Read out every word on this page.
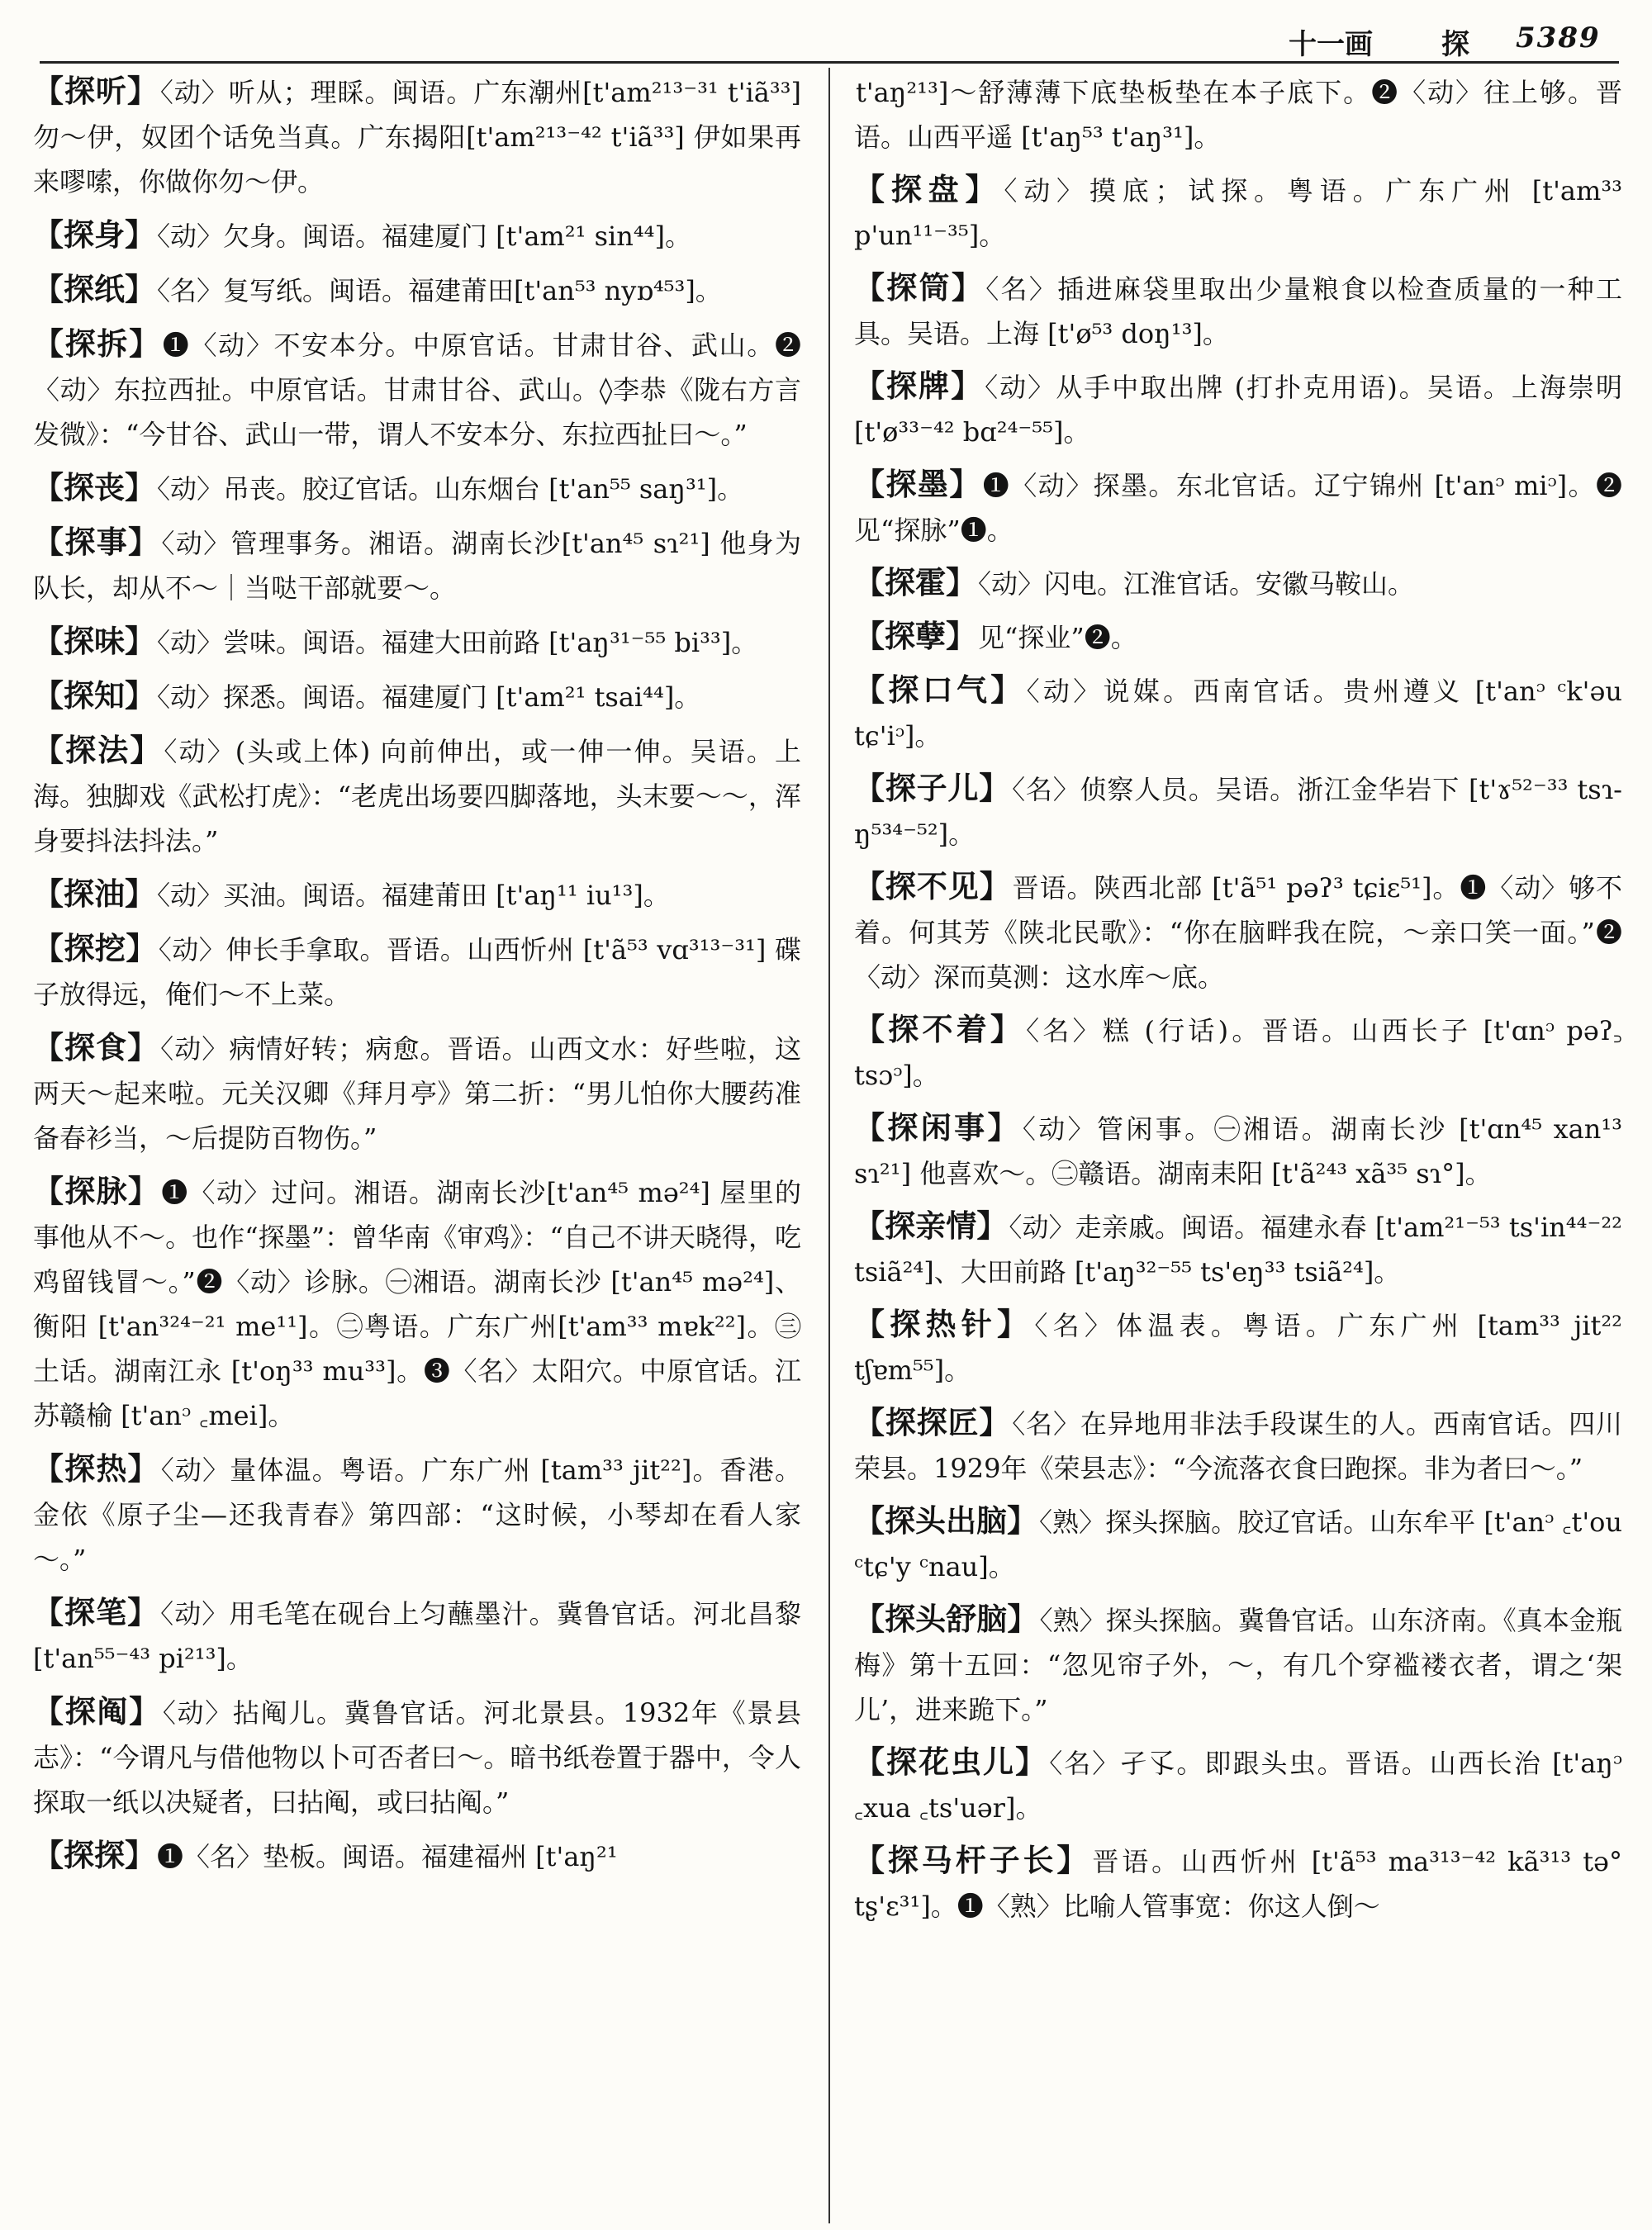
十一画 探 5389
【探听】〈动〉听从；理睬。闽语。广东潮州[t'am²¹³⁻³¹ t'iã³³]勿～伊，奴团个话免当真。广东揭阳[t'am²¹³⁻⁴² t'iã³³] 伊如果再来嘐嗦，你做你勿～伊。
【探身】〈动〉欠身。闽语。福建厦门 [t'am²¹ sin⁴⁴]。
【探纸】〈名〉复写纸。闽语。福建莆田[t'an⁵³ nyɒ⁴⁵³]。
【探拆】❶〈动〉不安本分。中原官话。甘肃甘谷、武山。❷ 〈动〉东拉西扯。中原官话。甘肃甘谷、武山。◊李恭《陇右方言发微》：“今甘谷、武山一带，谓人不安本分、东拉西扯曰～。”
【探丧】〈动〉吊丧。胶辽官话。山东烟台 [t'an⁵⁵ saŋ³¹]。
【探事】〈动〉管理事务。湘语。湖南长沙[t'an⁴⁵ sɿ²¹] 他身为队长，却从不～｜当哒干部就要～。
【探味】〈动〉尝味。闽语。福建大田前路 [t'aŋ³¹⁻⁵⁵ bi³³]。
【探知】〈动〉探悉。闽语。福建厦门 [t'am²¹ tsai⁴⁴]。
【探法】〈动〉(头或上体) 向前伸出，或一伸一伸。吴语。上海。独脚戏《武松打虎》：“老虎出场要四脚落地，头末要～～，浑身要抖法抖法。”
【探油】〈动〉买油。闽语。福建莆田 [t'aŋ¹¹ iu¹³]。
【探挖】〈动〉伸长手拿取。晋语。山西忻州 [t'ã⁵³ vɑ³¹³⁻³¹] 碟子放得远，俺们～不上菜。
【探食】〈动〉病情好转；病愈。晋语。山西文水：好些啦，这两天～起来啦。元关汉卿《拜月亭》第二折：“男儿怕你大腰药准备春衫当，～后提防百物伤。”
【探脉】❶〈动〉过问。湘语。湖南长沙[t'an⁴⁵ mə²⁴] 屋里的事他从不～。也作“探墨”：曾华南《审鸡》：“自己不讲天晓得，吃鸡留钱冒～。”❷〈动〉诊脉。㊀湘语。湖南长沙 [t'an⁴⁵ mə²⁴]、衡阳 [t'an³²⁴⁻²¹ me¹¹]。㊁粤语。广东广州[t'am³³ mɐk²²]。㊂土话。湖南江永 [t'oŋ³³ mu³³]。❸〈名〉太阳穴。中原官话。江苏赣榆 [t'anᵓ ꜀mei]。
【探热】〈动〉量体温。粤语。广东广州 [tam³³ jit²²]。香港。金依《原子尘—还我青春》第四部：“这时候，小琴却在看人家～。”
【探笔】〈动〉用毛笔在砚台上匀蘸墨汁。冀鲁官话。河北昌黎 [t'an⁵⁵⁻⁴³ pi²¹³]。
【探阄】〈动〉拈阄儿。冀鲁官话。河北景县。1932年《景县志》：“今谓凡与借他物以卜可否者曰～。暗书纸卷置于器中，令人探取一纸以决疑者，曰拈阄，或曰拈阄。”
【探探】❶〈名〉垫板。闽语。福建福州 [t'aŋ²¹
t'aŋ²¹³]～舒薄薄下底垫板垫在本子底下。❷〈动〉往上够。晋语。山西平遥 [t'aŋ⁵³ t'aŋ³¹]。
【探盘】〈动〉摸底；试探。粤语。广东广州 [t'am³³ p'un¹¹⁻³⁵]。
【探筒】〈名〉插进麻袋里取出少量粮食以检查质量的一种工具。吴语。上海 [t'ø⁵³ doŋ¹³]。
【探牌】〈动〉从手中取出牌 (打扑克用语)。吴语。上海崇明 [t'ø³³⁻⁴² bɑ²⁴⁻⁵⁵]。
【探墨】❶〈动〉探墨。东北官话。辽宁锦州 [t'anᵓ miᵓ]。❷见“探脉”❶。
【探霍】〈动〉闪电。江淮官话。安徽马鞍山。
【探孽】见“探业”❷。
【探口气】〈动〉说媒。西南官话。贵州遵义 [t'anᵓ ᶜk'əu tɕ'iᵓ]。
【探子儿】〈名〉侦察人员。吴语。浙江金华岩下 [t'ɤ⁵²⁻³³ tsɿ-ŋ⁵³⁴⁻⁵²]。
【探不见】晋语。陕西北部 [t'ã⁵¹ pəʔ³ tɕiɛ⁵¹]。❶〈动〉够不着。何其芳《陕北民歌》：“你在脑畔我在院，～亲口笑一面。”❷〈动〉深而莫测：这水库～底。
【探不着】〈名〉糕 (行话)。晋语。山西长子 [t'ɑnᵓ pəʔ꜆ tsɔᵓ]。
【探闲事】〈动〉管闲事。㊀湘语。湖南长沙 [t'ɑn⁴⁵ xan¹³ sɿ²¹] 他喜欢～。㊁赣语。湖南耒阳 [t'ã²⁴³ xã³⁵ sɿ°]。
【探亲情】〈动〉走亲戚。闽语。福建永春 [t'am²¹⁻⁵³ ts'in⁴⁴⁻²² tsiã²⁴]、大田前路 [t'aŋ³²⁻⁵⁵ ts'eŋ³³ tsiã²⁴]。
【探热针】〈名〉体温表。粤语。广东广州 [tam³³ jit²² tʃɐm⁵⁵]。
【探探匠】〈名〉在异地用非法手段谋生的人。西南官话。四川荣县。1929年《荣县志》：“今流落衣食曰跑探。非为者曰～。”
【探头出脑】〈熟〉探头探脑。胶辽官话。山东牟平 [t'anᵓ ꜀t'ou ᶜtɕ'y ᶜnau]。
【探头舒脑】〈熟〉探头探脑。冀鲁官话。山东济南。《真本金瓶梅》第十五回：“忽见帘子外，～，有几个穿褴褛衣者，谓之‘架儿’，进来跪下。”
【探花虫儿】〈名〉孑孓。即跟头虫。晋语。山西长治 [t'aŋᵓ ꜀xua ꜀ts'uər]。
【探马杆子长】晋语。山西忻州 [t'ã⁵³ ma³¹³⁻⁴² kã³¹³ tə° tʂ'ɛ³¹]。❶〈熟〉比喻人管事宽：你这人倒～
